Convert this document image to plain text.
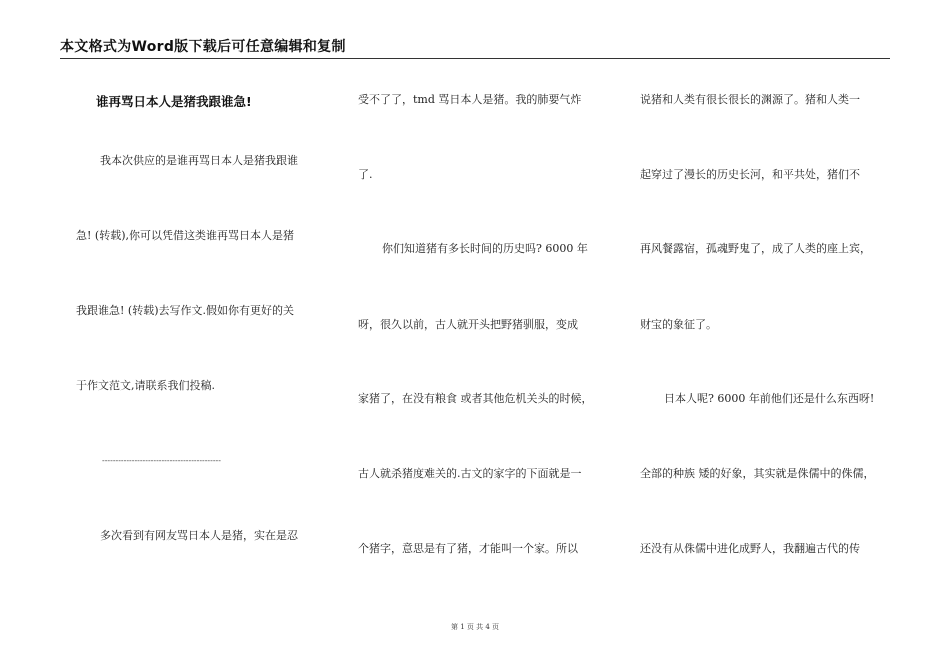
本文格式为Word版下载后可任意编辑和复制
谁再骂日本人是猪我跟谁急!
我本次供应的是谁再骂日本人是猪我跟谁
急! (转载),你可以凭借这类谁再骂日本人是猪
我跟谁急! (转载)去写作文.假如你有更好的关
于作文范文,请联系我们投稿.
--------------------------------------------
多次看到有网友骂日本人是猪，实在是忍
受不了了，tmd 骂日本人是猪。我的肺要气炸
了.
你们知道猪有多长时间的历史吗? 6000 年
呀，很久以前，古人就开头把野猪驯服，变成
家猪了，在没有粮食 或者其他危机关头的时候，
古人就杀猪度难关的.古文的家字的下面就是一
个猪字，意思是有了猪，才能叫一个家。所以
说猪和人类有很长很长的渊源了。猪和人类一
起穿过了漫长的历史长河，和平共处，猪们不
再风餐露宿，孤魂野鬼了，成了人类的座上宾，
财宝的象征了。
日本人呢? 6000 年前他们还是什么东西呀!
全部的种族 矮的好象，其实就是侏儒中的侏儒，
还没有从侏儒中进化成野人，我翻遍古代的传
第 1 页 共 4 页
